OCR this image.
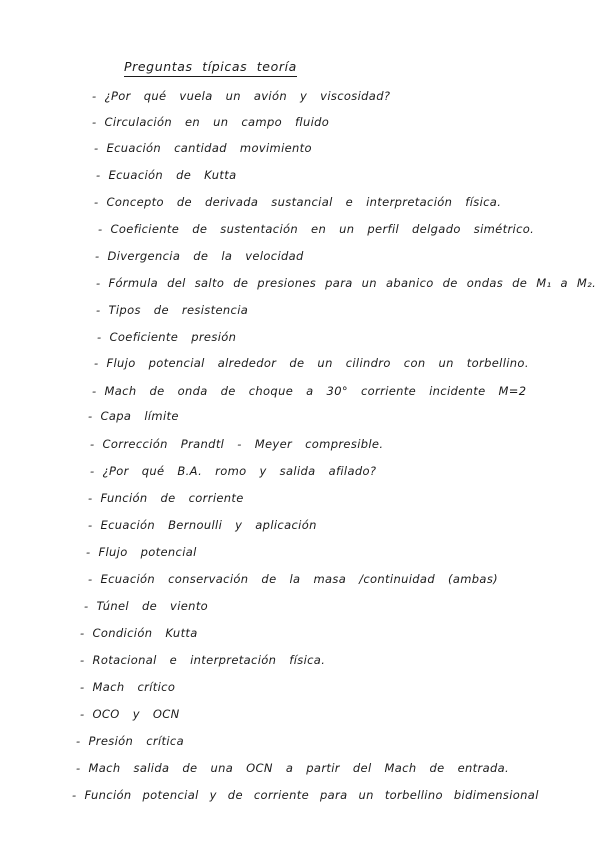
Preguntas típicas teoría
- ¿Por qué vuela un avión y viscosidad?
- Circulación en un campo fluido
- Ecuación cantidad movimiento
- Ecuación de Kutta
- Concepto de derivada sustancial e interpretación física.
- Coeficiente de sustentación en un perfil delgado simétrico.
- Divergencia de la velocidad
- Fórmula del salto de presiones para un abanico de ondas de M₁ a M₂.
- Tipos de resistencia
- Coeficiente presión
- Flujo potencial alrededor de un cilindro con un torbellino.
- Mach de onda de choque a 30° corriente incidente M=2
- Capa límite
- Corrección Prandtl - Meyer compresible.
- ¿Por qué B.A. romo y salida afilado?
- Función de corriente
- Ecuación Bernoulli y aplicación
- Flujo potencial
- Ecuación conservación de la masa /continuidad (ambas)
- Túnel de viento
- Condición Kutta
- Rotacional e interpretación física.
- Mach crítico
- OCO y OCN
- Presión crítica
- Mach salida de una OCN a partir del Mach de entrada.
- Función potencial y de corriente para un torbellino bidimensional
